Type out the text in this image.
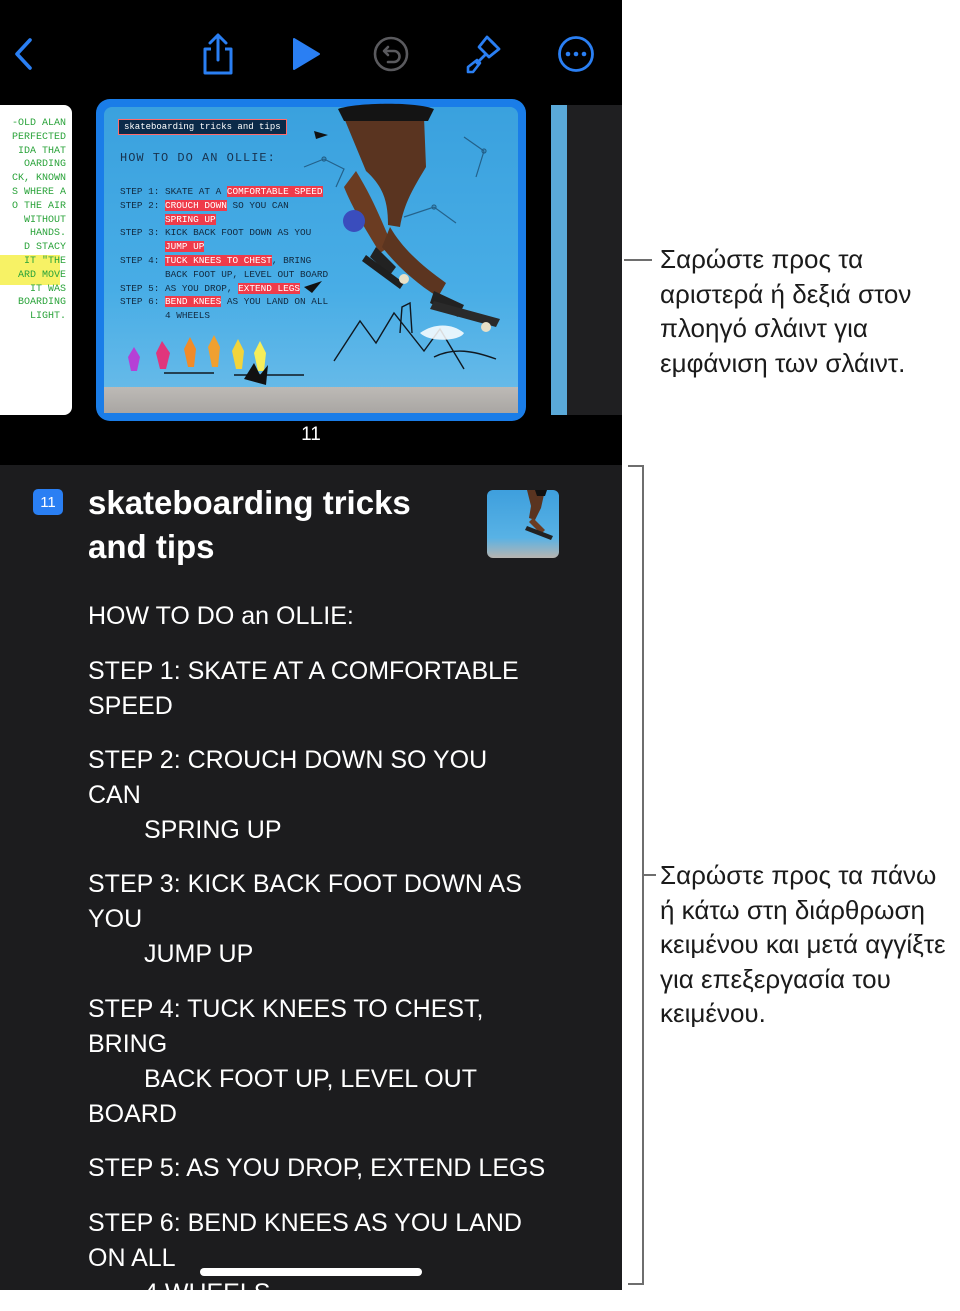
-OLD ALAN
PERFECTED
IDA THAT
OARDING
CK, KNOWN
S WHERE A
O THE AIR
WITHOUT
HANDS.
D STACY
IT "THE
ARD MOVE
IT WAS
BOARDING
LIGHT.
skateboarding tricks and tips
HOW TO DO AN OLLIE:
STEP 1: SKATE AT A COMFORTABLE SPEED
STEP 2: CROUCH DOWN SO YOU CAN
SPRING UP
STEP 3: KICK BACK FOOT DOWN AS YOU
JUMP UP
STEP 4: TUCK KNEES TO CHEST, BRING
BACK FOOT UP, LEVEL OUT BOARD
STEP 5: AS YOU DROP, EXTEND LEGS
STEP 6: BEND KNEES AS YOU LAND ON ALL
4 WHEELS
11
11 skateboarding tricks and tips
HOW TO DO an OLLIE:
STEP 1: SKATE AT A COMFORTABLE SPEED
STEP 2: CROUCH DOWN SO YOU CAN
SPRING UP
STEP 3: KICK BACK FOOT DOWN AS YOU
JUMP UP
STEP 4: TUCK KNEES TO CHEST, BRING
BACK FOOT UP, LEVEL OUT BOARD
STEP 5: AS YOU DROP, EXTEND LEGS
STEP 6: BEND KNEES AS YOU LAND ON ALL
4 WHEELS
Σαρώστε προς τα αριστερά ή δεξιά στον πλοηγό σλάιντ για εμφάνιση των σλάιντ.
Σαρώστε προς τα πάνω ή κάτω στη διάρθρωση κειμένου και μετά αγγίξτε για επεξεργασία του κειμένου.
